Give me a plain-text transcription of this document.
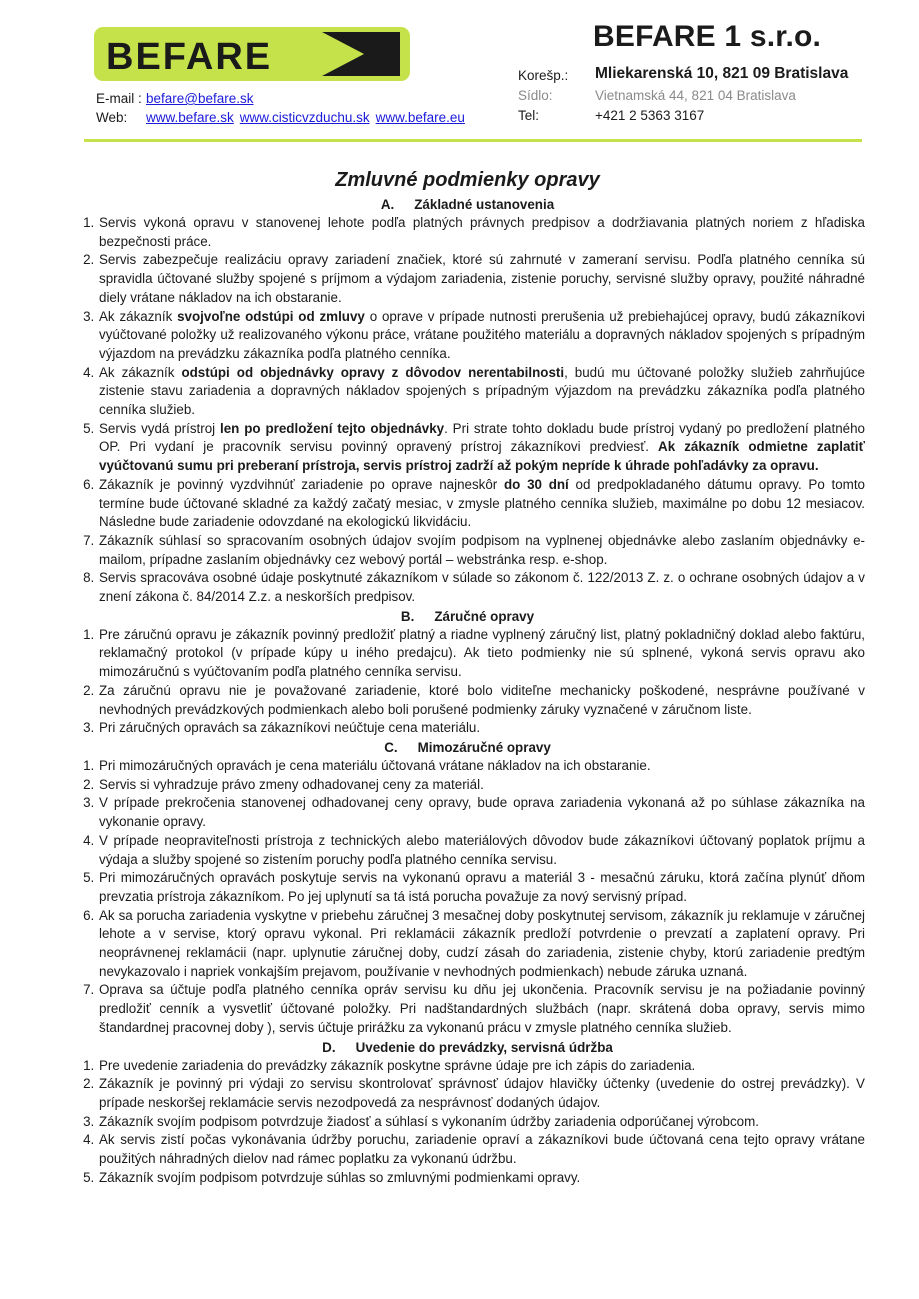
BEFARE
E-mail : befare@befare.sk
Web:	www.befare.sk www.cisticvzduchu.sk www.befare.eu
BEFARE 1 s.r.o.
Korešp.:	Mliekarenská 10, 821 09 Bratislava
Sídlo:	Vietnamská 44, 821 04 Bratislava
Tel:	+421 2 5363 3167
Zmluvné podmienky opravy
A. Základné ustanovenia
1. Servis vykoná opravu v stanovenej lehote podľa platných právnych predpisov a dodržiavania platných noriem z hľadiska bezpečnosti práce.
2. Servis zabezpečuje realizáciu opravy zariadení značiek, ktoré sú zahrnuté v zameraní servisu. Podľa platného cenníka sú spravidla účtované služby spojené s príjmom a výdajom zariadenia, zistenie poruchy, servisné služby opravy, použité náhradné diely vrátane nákladov na ich obstaranie.
3. Ak zákazník svojvoľne odstúpi od zmluvy o oprave v prípade nutnosti prerušenia už prebiehajúcej opravy, budú zákazníkovi vyúčtované položky už realizovaného výkonu práce, vrátane použitého materiálu a dopravných nákladov spojených s prípadným výjazdom na prevádzku zákazníka podľa platného cenníka.
4. Ak zákazník odstúpi od objednávky opravy z dôvodov nerentabilnosti, budú mu účtované položky služieb zahrňujúce zistenie stavu zariadenia a dopravných nákladov spojených s prípadným výjazdom na prevádzku zákazníka podľa platného cenníka služieb.
5. Servis vydá prístroj len po predložení tejto objednávky. Pri strate tohto dokladu bude prístroj vydaný po predložení platného OP. Pri vydaní je pracovník servisu povinný opravený prístroj zákazníkovi predviesť. Ak zákazník odmietne zaplatiť vyúčtovanú sumu pri preberaní prístroja, servis prístroj zadrží až pokým nepríde k úhrade pohľadávky za opravu.
6. Zákazník je povinný vyzdvihnúť zariadenie po oprave najneskôr do 30 dní od predpokladaného dátumu opravy. Po tomto termíne bude účtované skladné za každý začatý mesiac, v zmysle platného cenníka služieb, maximálne po dobu 12 mesiacov. Následne bude zariadenie odovzdané na ekologickú likvidáciu.
7. Zákazník súhlasí so spracovaním osobných údajov svojím podpisom na vyplnenej objednávke alebo zaslaním objednávky e-mailom, prípadne zaslaním objednávky cez webový portál – webstránka resp. e-shop.
8. Servis spracováva osobné údaje poskytnuté zákazníkom v súlade so zákonom č. 122/2013 Z. z. o ochrane osobných údajov a v znení zákona č. 84/2014 Z.z. a neskorších predpisov.
B. Záručné opravy
1. Pre záručnú opravu je zákazník povinný predložiť platný a riadne vyplnený záručný list, platný pokladničný doklad alebo faktúru, reklamačný protokol (v prípade kúpy u iného predajcu). Ak tieto podmienky nie sú splnené, vykoná servis opravu ako mimozáručnú s vyúčtovaním podľa platného cenníka servisu.
2. Za záručnú opravu nie je považované zariadenie, ktoré bolo viditeľne mechanicky poškodené, nesprávne používané v nevhodných prevádzkových podmienkach alebo boli porušené podmienky záruky vyznačené v záručnom liste.
3. Pri záručných opravách sa zákazníkovi neúčtuje cena materiálu.
C. Mimozáručné opravy
1. Pri mimozáručných opravách je cena materiálu účtovaná vrátane nákladov na ich obstaranie.
2. Servis si vyhradzuje právo zmeny odhadovanej ceny za materiál.
3. V prípade prekročenia stanovenej odhadovanej ceny opravy, bude oprava zariadenia vykonaná až po súhlase zákazníka na vykonanie opravy.
4. V prípade neopraviteľnosti prístroja z technických alebo materiálových dôvodov bude zákazníkovi účtovaný poplatok príjmu a výdaja a služby spojené so zistením poruchy podľa platného cenníka servisu.
5. Pri mimozáručných opravách poskytuje servis na vykonanú opravu a materiál 3 - mesačnú záruku, ktorá začína plynúť dňom prevzatia prístroja zákazníkom. Po jej uplynutí sa tá istá porucha považuje za nový servisný prípad.
6. Ak sa porucha zariadenia vyskytne v priebehu záručnej 3 mesačnej doby poskytnutej servisom, zákazník ju reklamuje v záručnej lehote a v servise, ktorý opravu vykonal. Pri reklamácii zákazník predloží potvrdenie o prevzatí a zaplatení opravy. Pri neoprávnenej reklamácii (napr. uplynutie záručnej doby, cudzí zásah do zariadenia, zistenie chyby, ktorú zariadenie predtým nevykazovalo i napriek vonkajším prejavom, používanie v nevhodných podmienkach) nebude záruka uznaná.
7. Oprava sa účtuje podľa platného cenníka opráv servisu ku dňu jej ukončenia. Pracovník servisu je na požiadanie povinný predložiť cenník a vysvetliť účtované položky. Pri nadštandardných službách (napr. skrátená doba opravy, servis mimo štandardnej pracovnej doby ), servis účtuje prirážku za vykonanú prácu v zmysle platného cenníka služieb.
D. Uvedenie do prevádzky, servisná údržba
1. Pre uvedenie zariadenia do prevádzky zákazník poskytne správne údaje pre ich zápis do zariadenia.
2. Zákazník je povinný pri výdaji zo servisu skontrolovať správnosť údajov hlavičky účtenky (uvedenie do ostrej prevádzky). V prípade neskoršej reklamácie servis nezodpovedá za nesprávnosť dodaných údajov.
3. Zákazník svojím podpisom potvrdzuje žiadosť a súhlasí s vykonaním údržby zariadenia odporúčanej výrobcom.
4. Ak servis zistí počas vykonávania údržby poruchu, zariadenie opraví a zákazníkovi bude účtovaná cena tejto opravy vrátane použitých náhradných dielov nad rámec poplatku za vykonanú údržbu.
5. Zákazník svojím podpisom potvrdzuje súhlas so zmluvnými podmienkami opravy.
